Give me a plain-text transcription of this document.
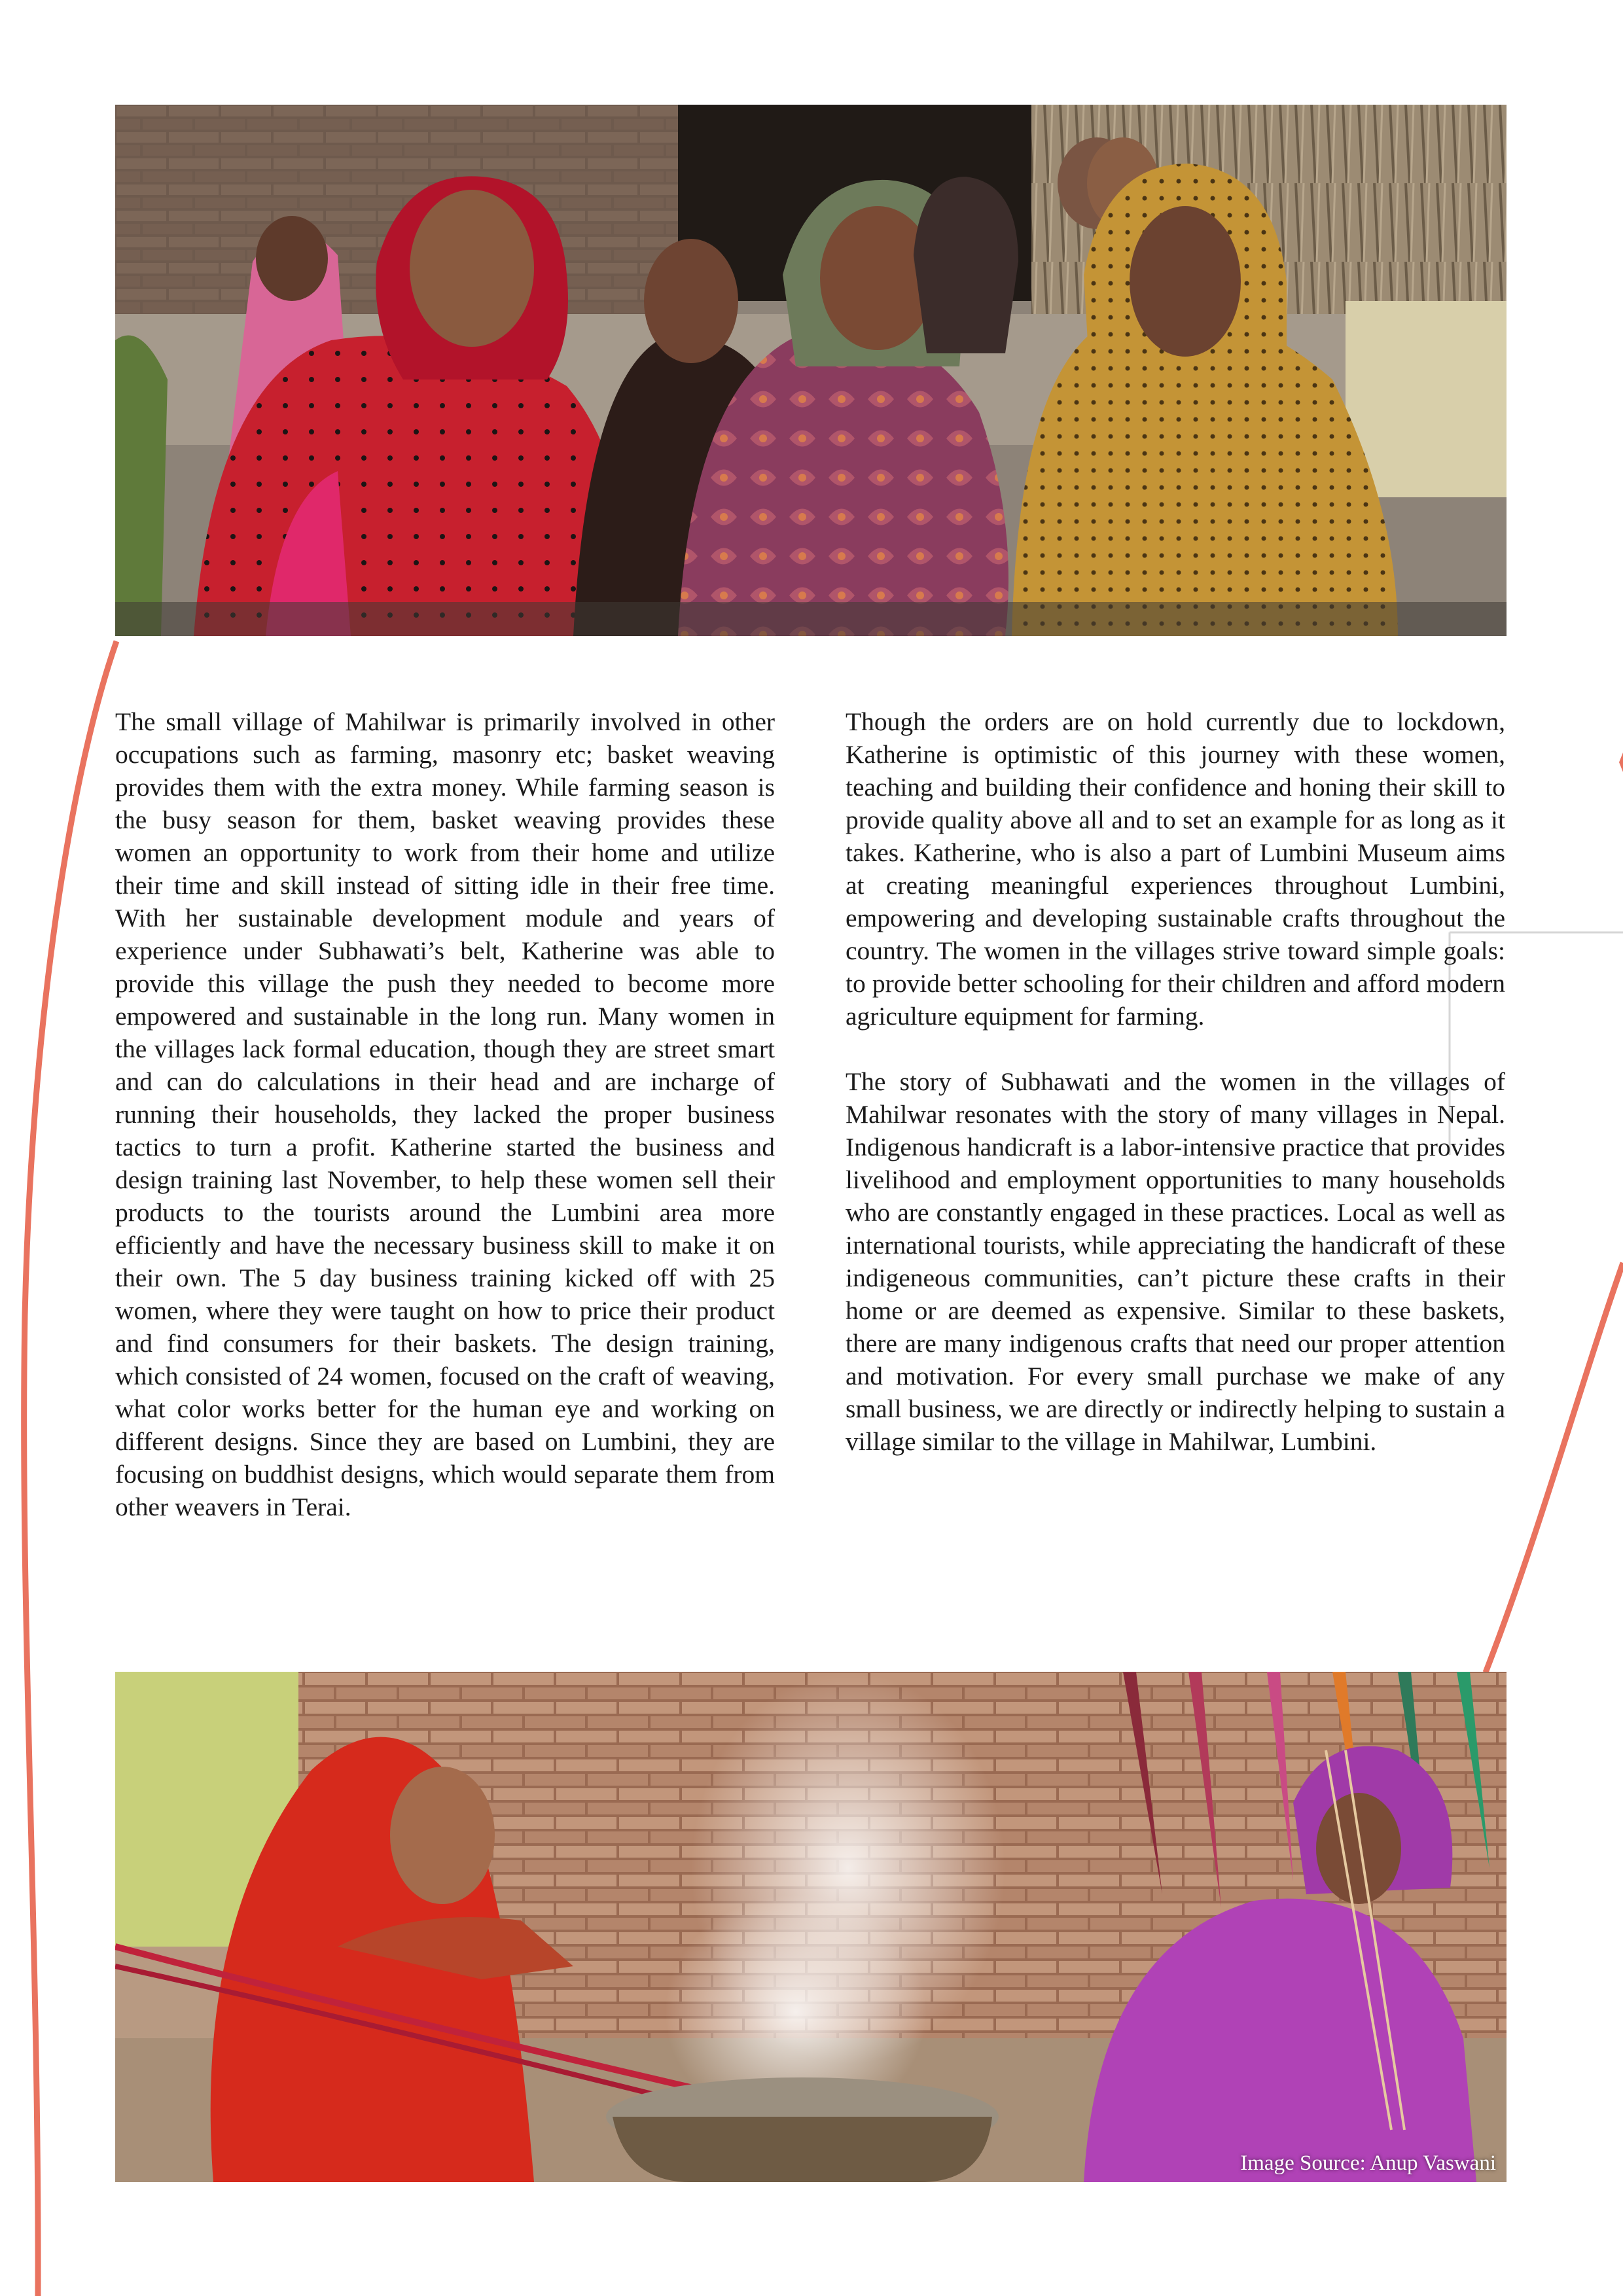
The small village of Mahilwar is primarily involved in other occupations such as farming, masonry etc; basket weaving provides them with the extra money. While farming season is the busy season for them, basket weaving provides these women an opportunity to work from their home and utilize their time and skill instead of sitting idle in their free time. With her sustainable development module and years of experience under Subhawati’s belt, Katherine was able to provide this village the push they needed to become more empowered and sustainable in the long run. Many women in the villages lack formal education, though they are street smart and can do calculations in their head and are incharge of running their households, they lacked the proper business tactics to turn a profit. Katherine started the business and design training last November, to help these women sell their products to the tourists around the Lumbini area more efficiently and have the necessary business skill to make it on their own. The 5 day business training kicked off with 25 women, where they were taught on how to price their product and find consumers for their baskets. The design training, which consisted of 24 women, focused on the craft of weaving, what color works better for the human eye and working on different designs. Since they are based on Lumbini, they are focusing on buddhist designs, which would separate them from other weavers in Terai.

Though the orders are on hold currently due to lockdown, Katherine is optimistic of this journey with these women, teaching and building their confidence and honing their skill to provide quality above all and to set an example for as long as it takes. Katherine, who is also a part of Lumbini Museum aims at creating meaningful experiences throughout Lumbini, empowering and developing sustainable crafts throughout the country. The women in the villages strive toward simple goals: to provide better schooling for their children and afford modern agriculture equipment for farming.

The story of Subhawati and the women in the villages of Mahilwar resonates with the story of many villages in Nepal. Indigenous handicraft is a labor-intensive practice that provides livelihood and employment opportunities to many households who are constantly engaged in these practices. Local as well as international tourists, while appreciating the handicraft of these indigeneous communities, can’t picture these crafts in their home or are deemed as expensive. Similar to these baskets, there are many indigenous crafts that need our proper attention and motivation. For every small purchase we make of any small business, we are directly or indirectly helping to sustain a village similar to the village in Mahilwar, Lumbini.

Image Source: Anup Vaswani
